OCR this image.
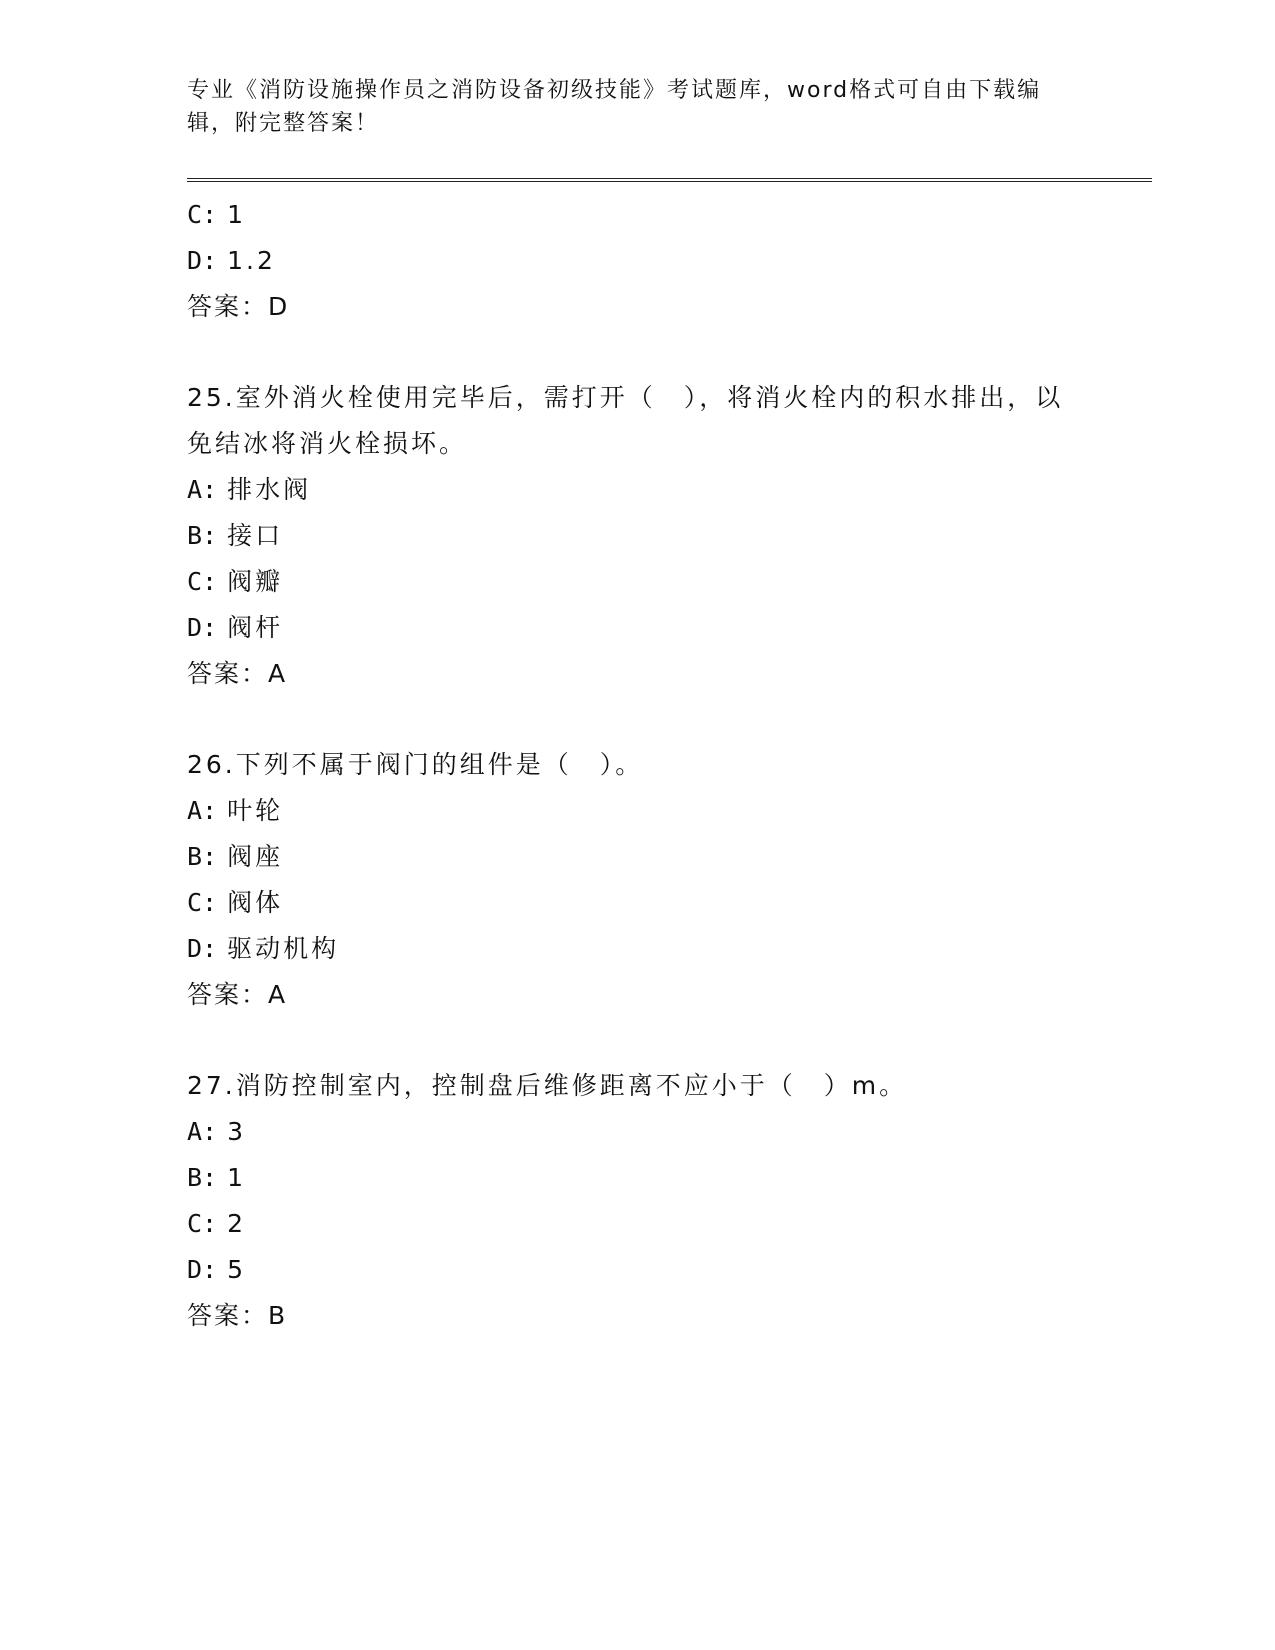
专业《消防设施操作员之消防设备初级技能》考试题库，word格式可自由下载编辑，附完整答案！
C: 1
D: 1.2
答案：D
25.室外消火栓使用完毕后，需打开（　），将消火栓内的积水排出，以免结冰将消火栓损坏。
A: 排水阀
B: 接口
C: 阀瓣
D: 阀杆
答案：A
26.下列不属于阀门的组件是（　）。
A: 叶轮
B: 阀座
C: 阀体
D: 驱动机构
答案：A
27.消防控制室内，控制盘后维修距离不应小于（　）m。
A: 3
B: 1
C: 2
D: 5
答案：B
